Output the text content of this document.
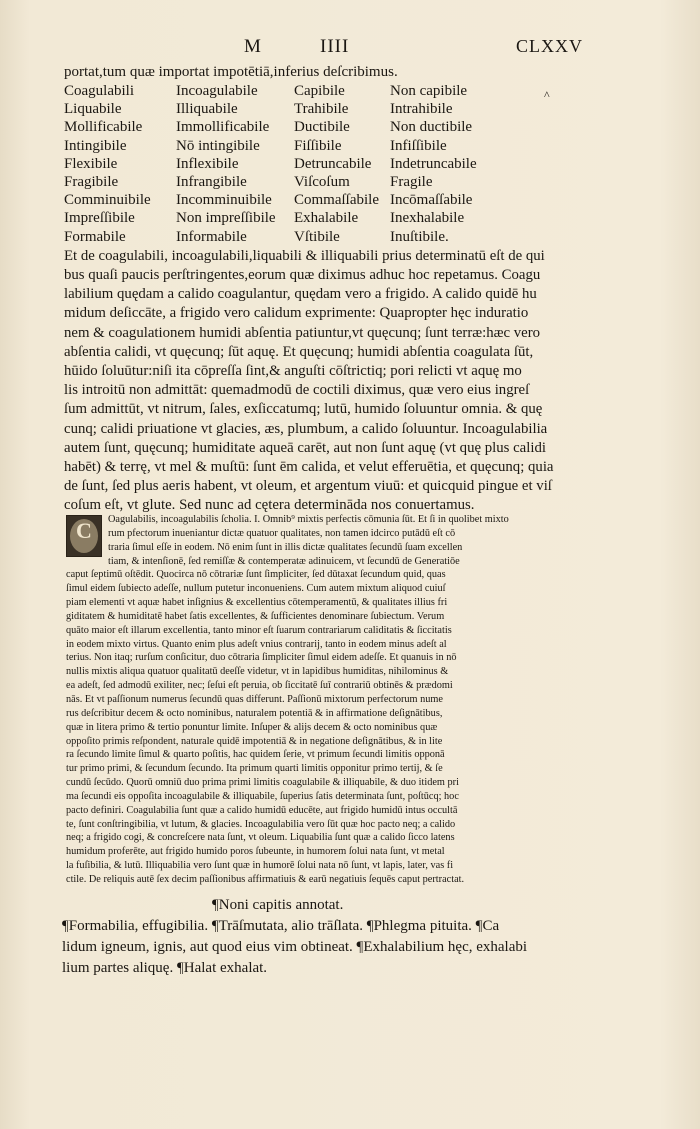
M	IIII	CLXXV
^
portat,tum quæ importat impotētiā,inferius deſcribimus.
Coagulabili	Incoagulabile	Capibile	Non capibile
Liquabile	Illiquabile	Trahibile	Intrahibile
Mollificabile	Immollificabile	Ductibile	Non ductibile
Intingibile	Nō intingibile	Fiſſibile	Infiſſibile
Flexibile	Inflexibile	Detruncabile	Indetruncabile
Fragibile	Infrangibile	Viſcoſum	Fragile
Comminuibile	Incomminuibile	Commaſſabile	Incōmaſſabile
Impreſſibile	Non impreſſibile	Exhalabile	Inexhalabile
Formabile	Informabile	Vſtibile	Inuſtibile.
Et de coagulabili, incoagulabili,liquabili & illiquabili prius determinatū eſt de qui
bus quaſi paucis perſtringentes,eorum quæ diximus adhuc hoc repetamus. Coagu
labilium quędam a calido coagulantur, quędam vero a frigido. A calido quidē hu
midum deſiccāte, a frigido vero calidum exprimente: Quapropter hęc induratio
nem & coagulationem humidi abſentia patiuntur,vt quęcunq; ſunt terræ:hæc vero
abſentia calidi, vt quęcunq; ſūt aquę. Et quęcunq; humidi abſentia coagulata ſūt,
hūido ſoluūtur:niſi ita cōpreſſa ſint,& anguſti cōſtrictiq; pori relicti vt aquę mo
lis introitū non admittāt: quemadmodū de coctili diximus, quæ vero eius ingreſ
ſum admittūt, vt nitrum, ſales, exſiccatumq; lutū, humido ſoluuntur omnia. & quę
cunq; calidi priuatione vt glacies, æs, plumbum, a calido ſoluuntur. Incoagulabilia
autem ſunt, quęcunq; humiditate aqueā carēt, aut non ſunt aquę (vt quę plus calidi
habēt) & terrę, vt mel & muſtū: ſunt ēm calida, et velut efferuētia, et quęcunq; quia
de ſunt, ſed plus aeris habent, vt oleum, et argentum viuū: et quicquid pingue et viſ
coſum eſt, vt glute. Sed nunc ad cętera determināda nos conuertamus.
C	Oagulabilis, incoagulabilis ſcholia. I. Omnib⁹ mixtis perfectis cōmunia ſūt. Et ſi in quolibet mixto
rum pfectorum inueniantur dictæ quatuor qualitates, non tamen idcirco putādū eſt cō
traria ſimul eſſe in eodem. Nō enim ſunt in illis dictæ qualitates ſecundū ſuam excellen
tiam, & intenſionē, ſed remiſſæ & contemperatæ adinuicem, vt ſecundū de Generatiōe
caput ſeptimū oſtēdit. Quocirca nō cōtrariæ ſunt ſimpliciter, ſed dūtaxat ſecundum quid, quas
ſimul eidem ſubiecto adeſſe, nullum putetur inconueniens. Cum autem mixtum aliquod cuiuſ
piam elementi vt aquæ habet inſignius & excellentius cōtemperamentū, & qualitates illius fri
giditatem & humiditatē habet ſatis excellentes, & ſufficientes denominare ſubiectum. Verum
quāto maior eſt illarum excellentia, tanto minor eſt ſuarum contrariarum caliditatis & ſiccitatis
in eodem mixto virtus. Quanto enim plus adeſt vnius contrarij, tanto in eodem minus adeſt al
terius. Non itaq; rurſum conſicitur, duo cōtraria ſimpliciter ſimul eidem adeſſe. Et quanuis in nō
nullis mixtis aliqua quatuor qualitatū deeſſe videtur, vt in lapidibus humiditas, nihilominus &
ea adeſt, ſed admodū exiliter, nec; ſeſui eſt peruia, ob ſiccitatē ſuī contrariū obtinēs & prædomi
nās. Et vt paſſionum numerus ſecundū quas differunt. Paſſionū mixtorum perfectorum nume
rus deſcribitur decem & octo nominibus, naturalem potentiā & in affirmatione deſignātibus,
quæ in litera primo & tertio ponuntur limite. Inſuper & alijs decem & octo nominibus quæ
oppoſito primis reſpondent, naturale quidē impotentiā & in negatione deſignātibus, & in lite
ra ſecundo limite ſimul & quarto poſitis, hac quidem ſerie, vt primum ſecundi limitis opponā
tur primo primi, & ſecundum ſecundo. Ita primum quarti limitis opponitur primo tertij, & ſe
cundū ſecūdo. Quorū omniū duo prima primi limitis coagulabile & illiquabile, & duo itidem pri
ma ſecundi eis oppoſita incoagulabile & illiquabile, ſuperius ſatis determinata ſunt, poſtūcq; hoc
pacto definiri. Coagulabilia ſunt quæ a calido humidū educēte, aut frigido humidū intus occultā
te, ſunt conſtringibilia, vt lutum, & glacies. Incoagulabilia vero ſūt quæ hoc pacto neq; a calido
neq; a frigido cogi, & concreſcere nata ſunt, vt oleum. Liquabilia ſunt quæ a calido ſicco latens
humidum proferēte, aut frigido humido poros ſubeunte, in humorem ſolui nata ſunt, vt metal
la fuſibilia, & lutū. Illiquabilia vero ſunt quæ in humorē ſolui nata nō ſunt, vt lapis, later, vas fi
ctile. De reliquis autē ſex decim paſſionibus affirmatiuis & earū negatiuis ſequēs caput pertractat.
¶Noni capitis annotat.
¶Formabilia, effugibilia. ¶Trāſmutata, alio trāſlata. ¶Phlegma pituita. ¶Ca
lidum igneum, ignis, aut quod eius vim obtineat. ¶Exhalabilium hęc, exhalabi
lium partes aliquę. ¶Halat exhalat.
